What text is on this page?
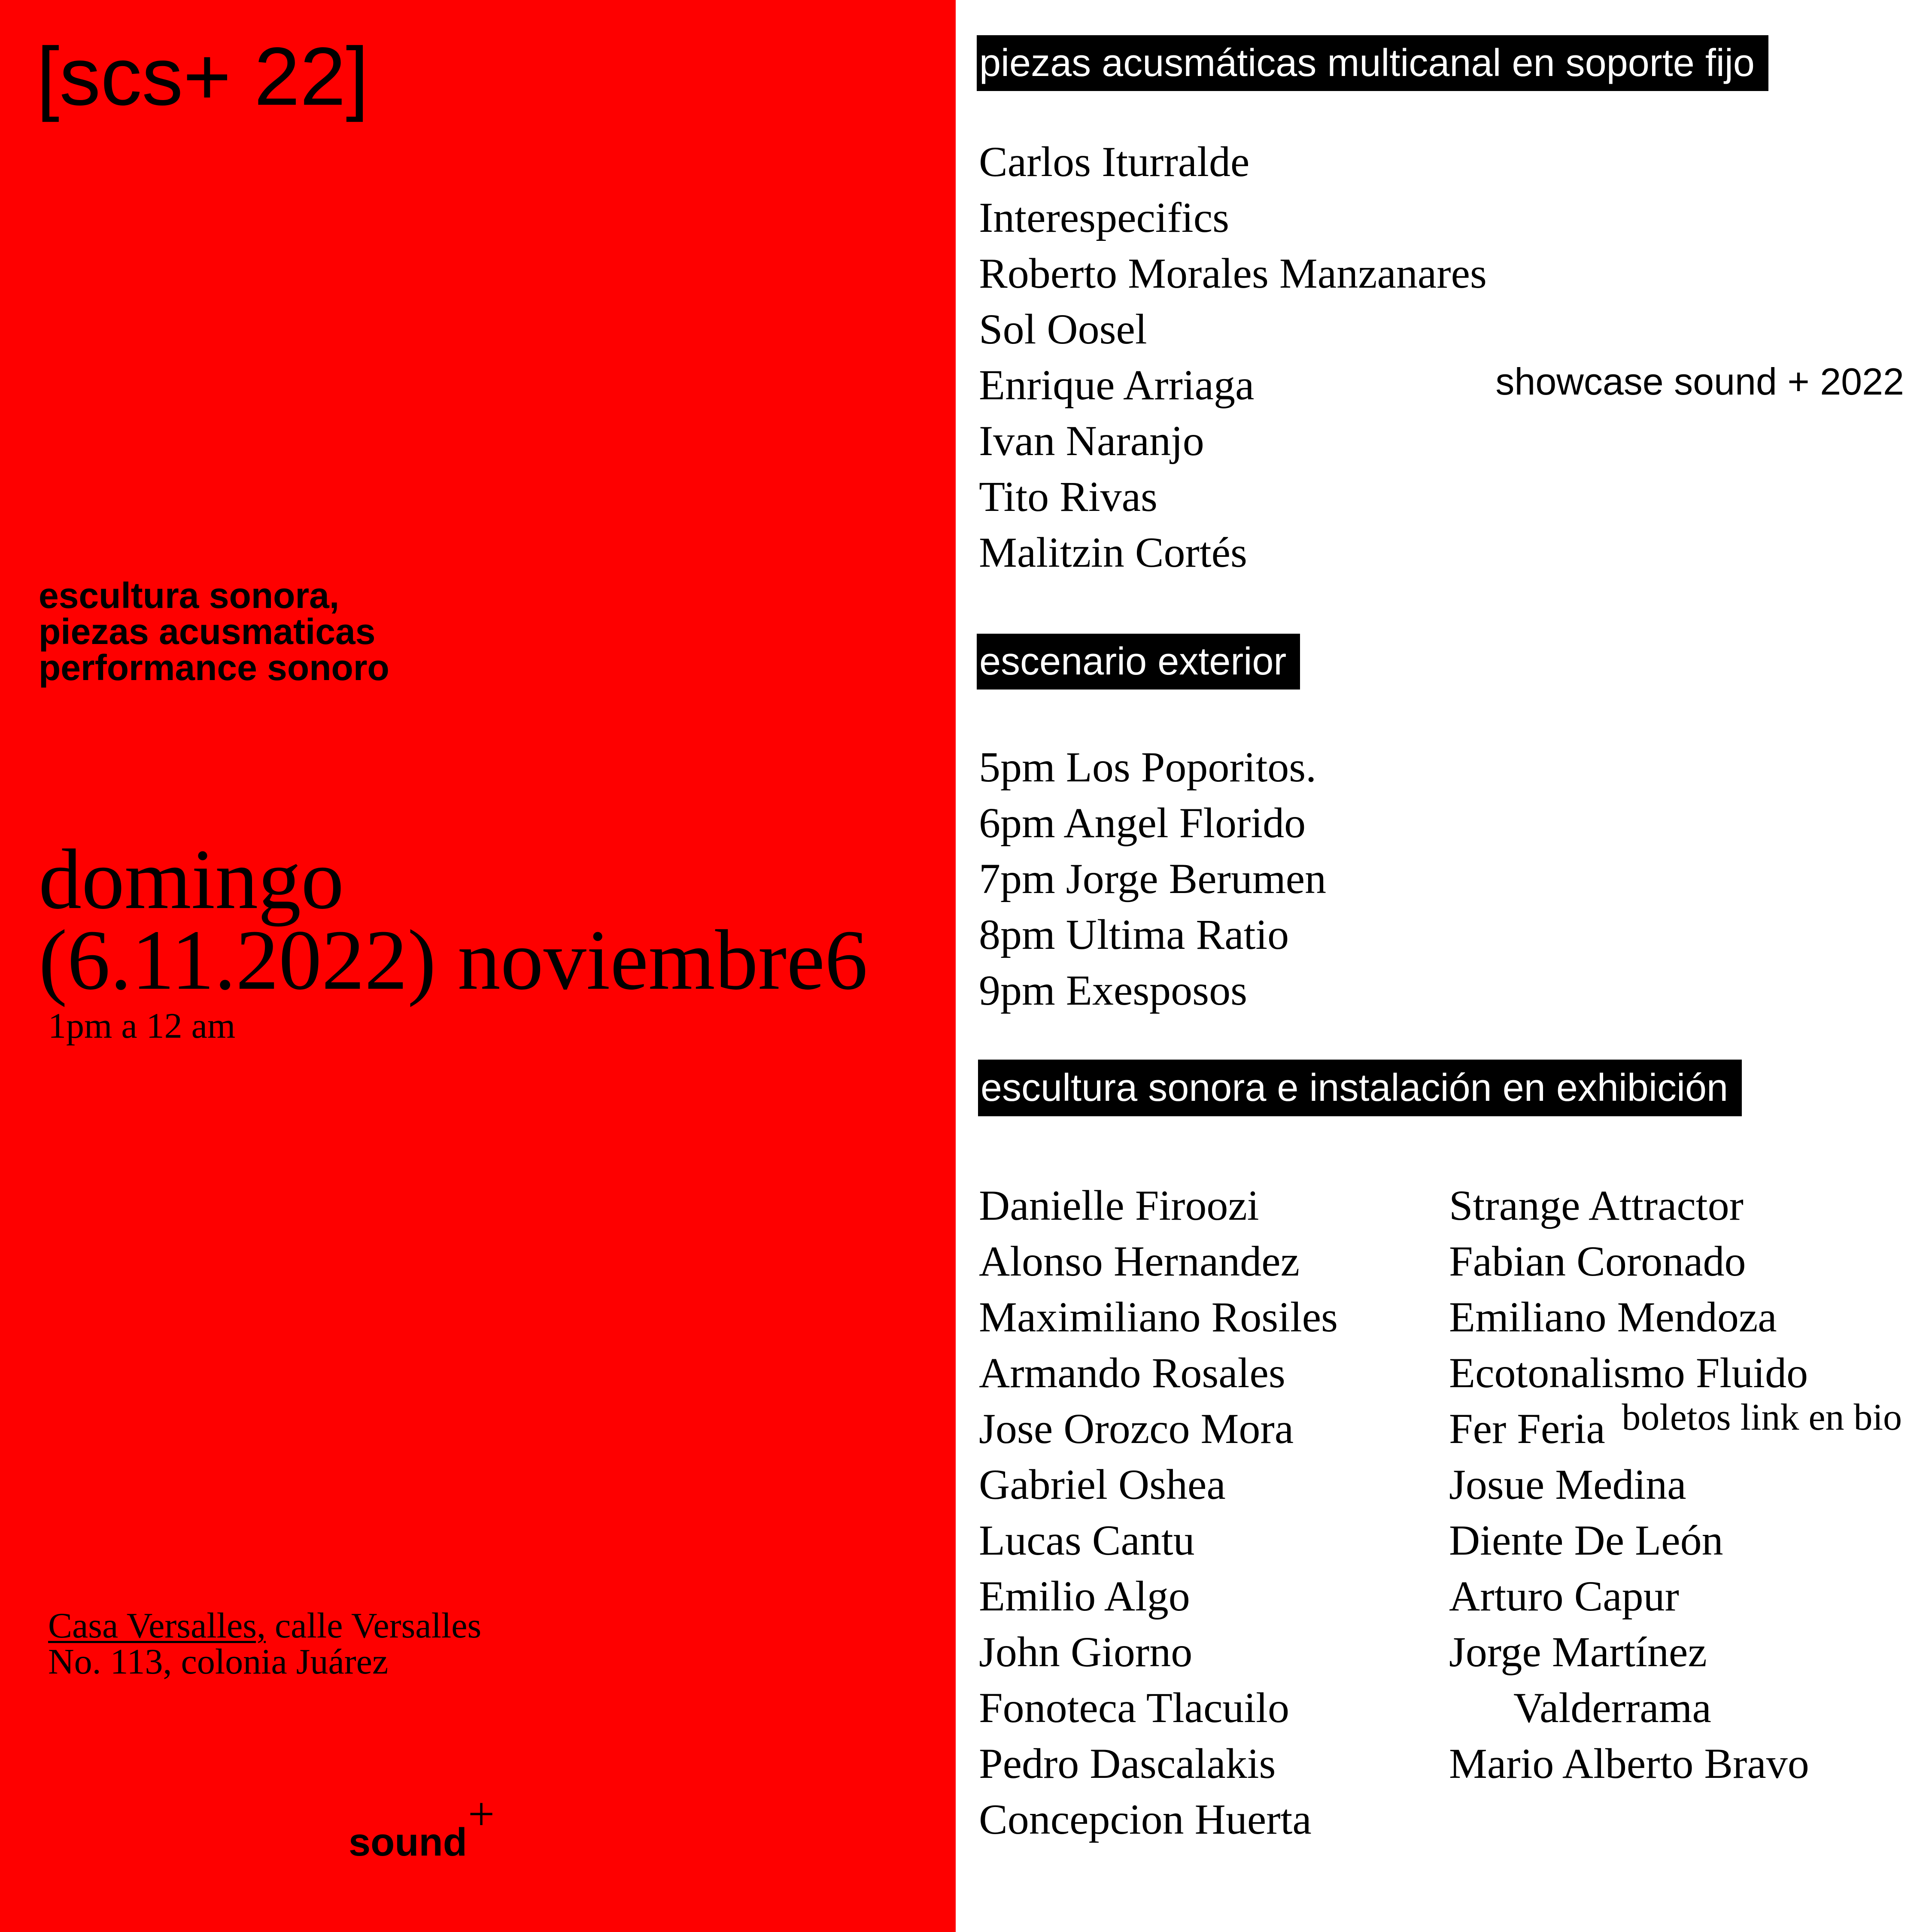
[scs+ 22]

showcase sound + 2022

escultura sonora,
piezas acusmaticas
performance sonoro
domingo
(6.11.2022) noviembre6

1pm a 12 am

boletos link en bio

Casa Versalles, calle Versalles
No. 113, colonia Juárez
sound
+
piezas acusmáticas multicanal en soporte fijo
Carlos Iturralde
Interespecifics
Roberto Morales Manzanares
Sol Oosel
Enrique Arriaga
Ivan Naranjo
Tito Rivas
Malitzin Cortés
escenario exterior
5pm Los Poporitos.
6pm Angel Florido
7pm Jorge Berumen
8pm Ultima Ratio
9pm Exesposos
escultura sonora e instalación en exhibición
Danielle Firoozi
Alonso Hernandez
Maximiliano Rosiles
Armando Rosales
Jose Orozco Mora
Gabriel Oshea
Lucas Cantu
Emilio Algo
John Giorno
Fonoteca Tlacuilo
Pedro Dascalakis
Concepcion Huerta
Strange Attractor
Fabian Coronado
Emiliano Mendoza
Ecotonalismo Fluido
Fer Feria
Josue Medina
Diente De León
Arturo Capur
Jorge Martínez
Valderrama
Mario Alberto Bravo
